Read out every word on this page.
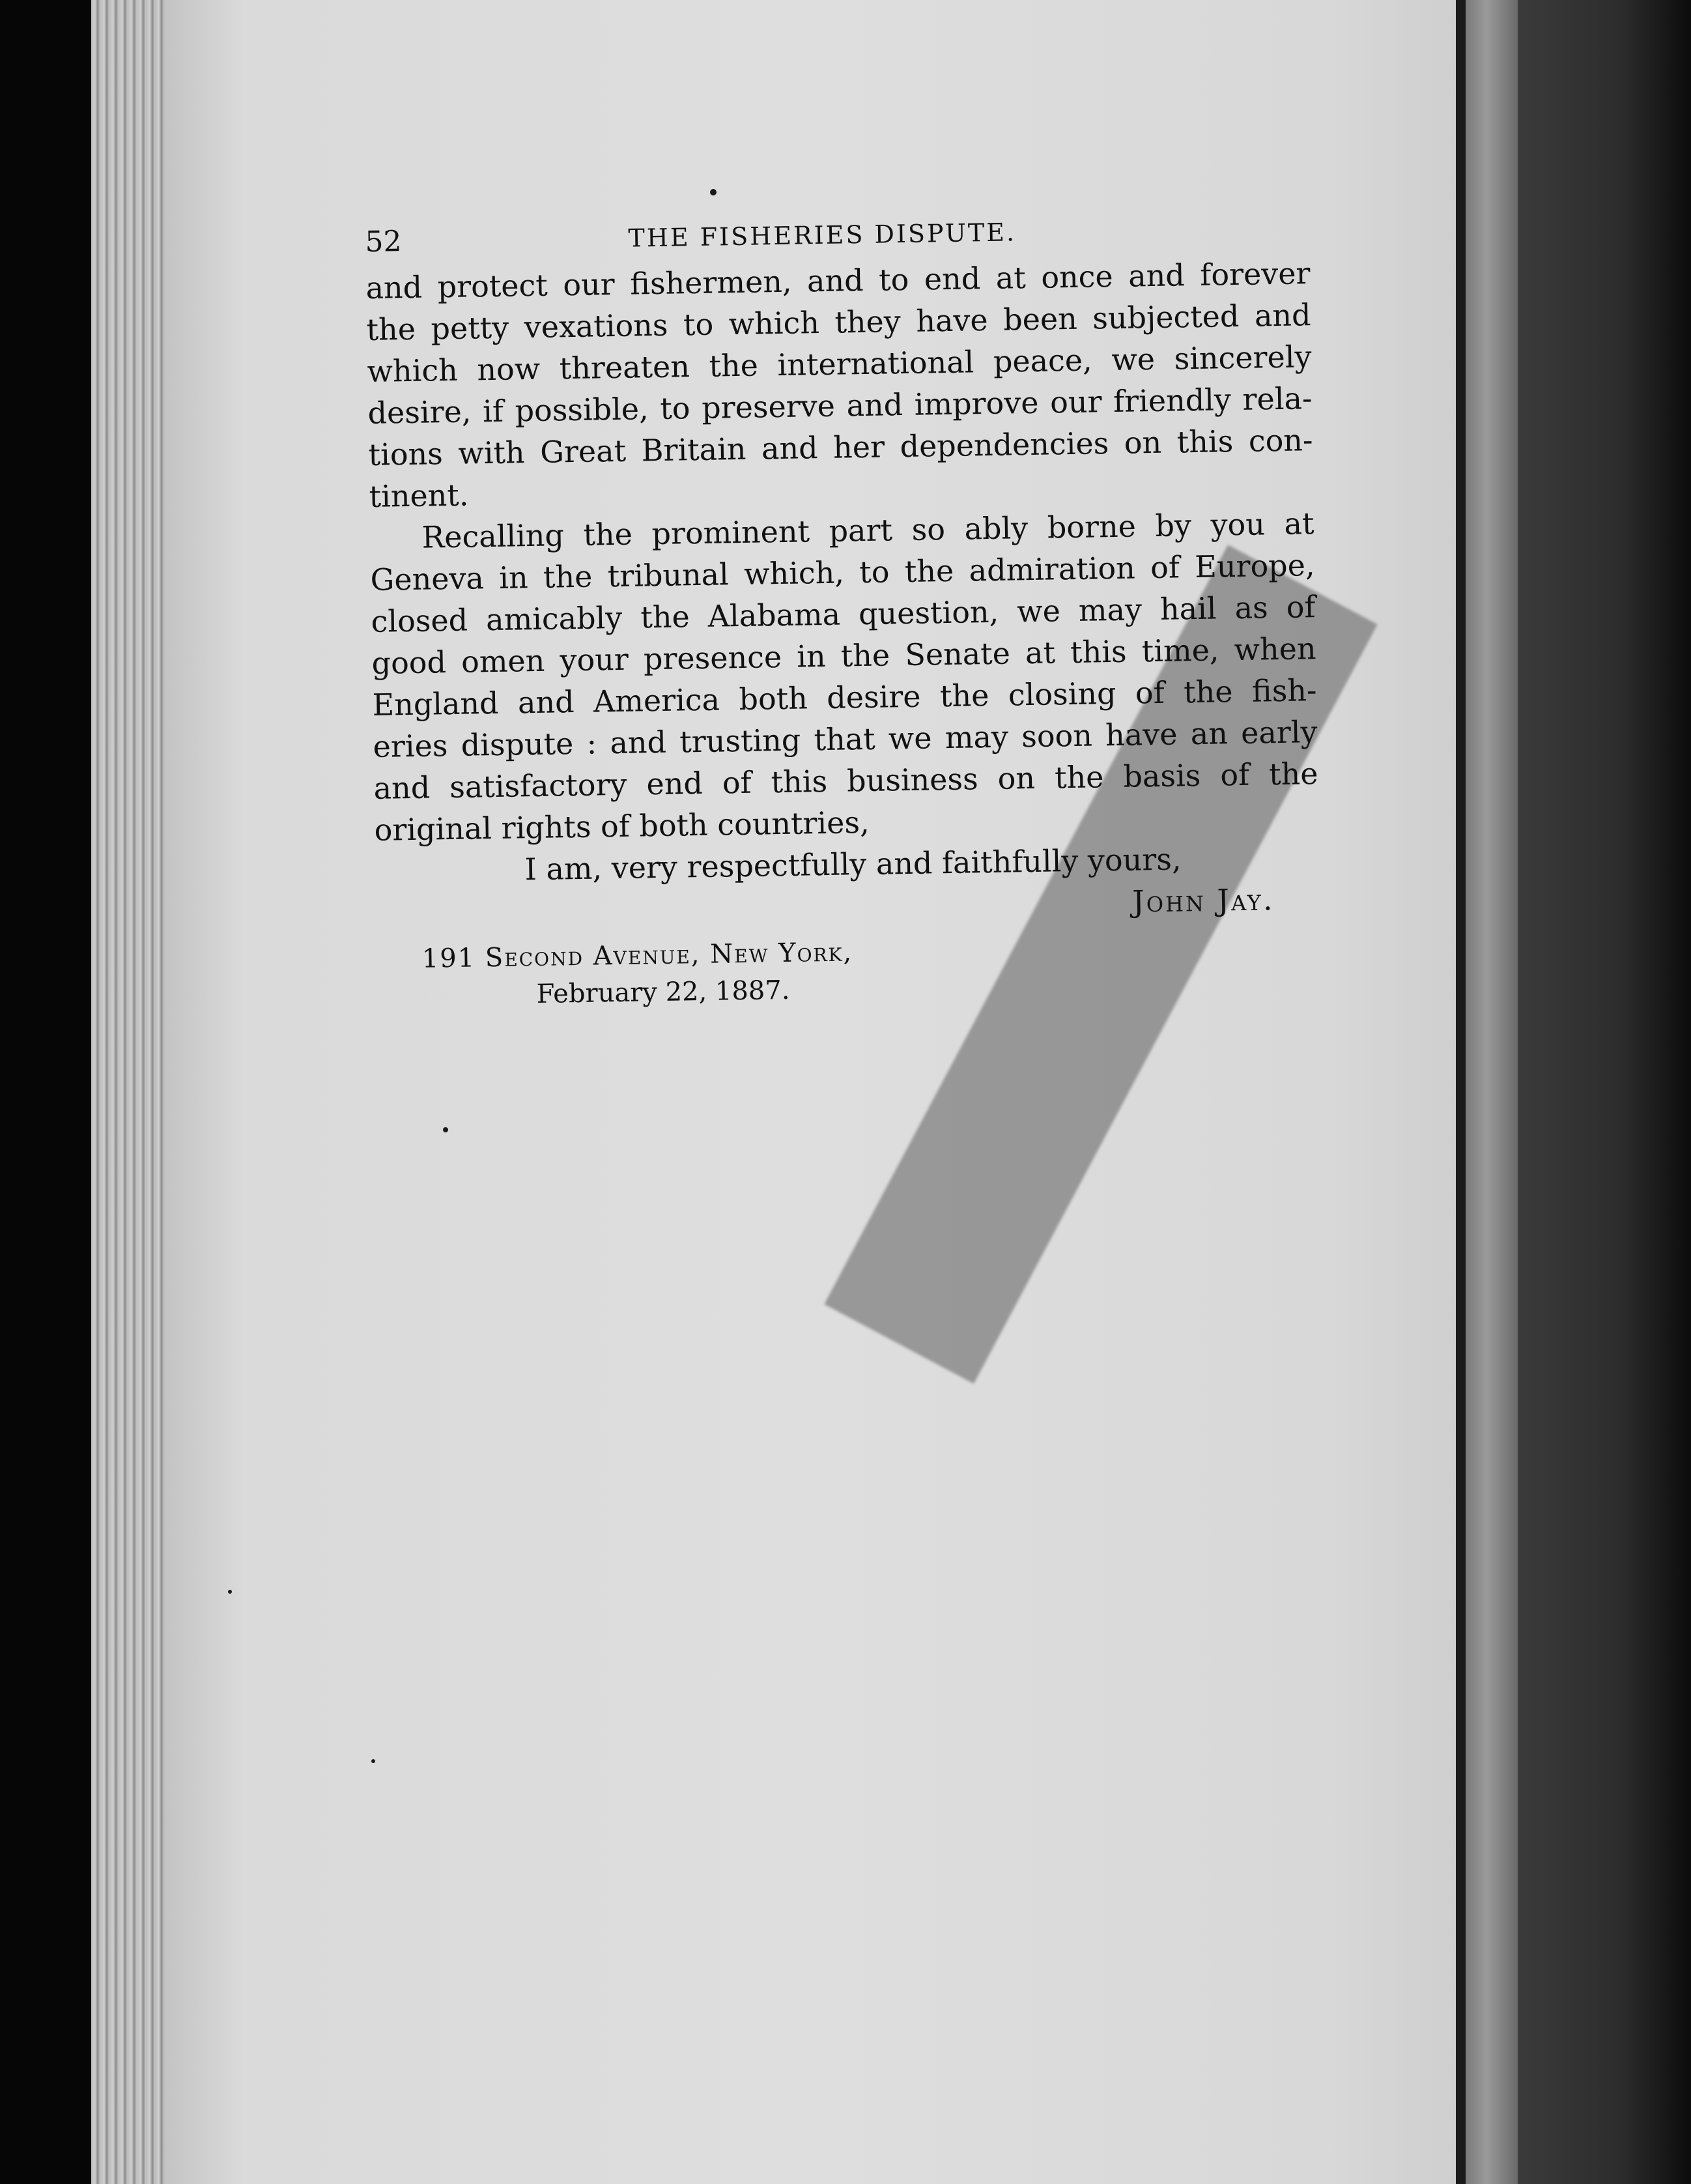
52	THE FISHERIES DISPUTE.
and protect our fishermen, and to end at once and forever
the petty vexations to which they have been subjected and
which now threaten the international peace, we sincerely
desire, if possible, to preserve and improve our friendly rela-
tions with Great Britain and her dependencies on this con-
tinent.
Recalling the prominent part so ably borne by you at
Geneva in the tribunal which, to the admiration of Europe,
closed amicably the Alabama question, we may hail as of
good omen your presence in the Senate at this time, when
England and America both desire the closing of the fish-
eries dispute : and trusting that we may soon have an early
and satisfactory end of this business on the basis of the
original rights of both countries,
I am, very respectfully and faithfully yours,
John Jay.
191 Second Avenue, New York,
February 22, 1887.
